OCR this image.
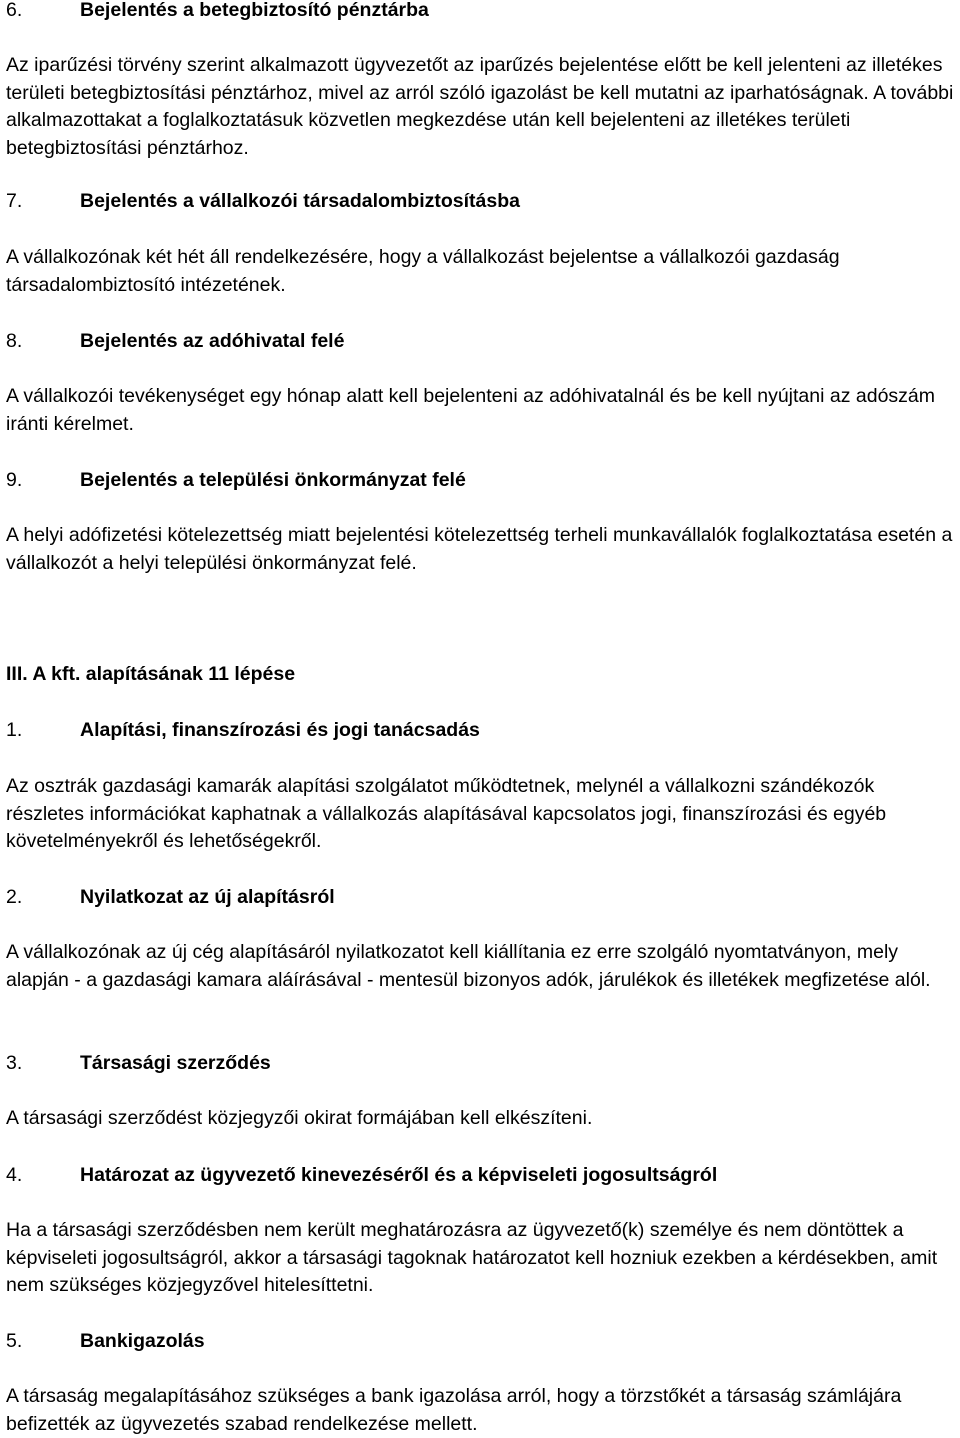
6.	Bejelentés a betegbiztosító pénztárba

Az iparűzési törvény szerint alkalmazott ügyvezetőt az iparűzés bejelentése előtt be kell jelenteni az illetékes területi betegbiztosítási pénztárhoz, mivel az arról szóló igazolást be kell mutatni az iparhatóságnak. A további alkalmazottakat a foglalkoztatásuk közvetlen megkezdése után kell bejelenteni az illetékes területi betegbiztosítási pénztárhoz.

7.	Bejelentés a vállalkozói társadalombiztosításba

A vállalkozónak két hét áll rendelkezésére, hogy a vállalkozást bejelentse a vállalkozói gazdaság társadalombiztosító intézetének.

8.	Bejelentés az adóhivatal felé

A vállalkozói tevékenységet egy hónap alatt kell bejelenteni az adóhivatalnál és be kell nyújtani az adószám iránti kérelmet.

9.	Bejelentés a települési önkormányzat felé

A helyi adófizetési kötelezettség miatt bejelentési kötelezettség terheli munkavállalók foglalkoztatása esetén a vállalkozót a helyi települési önkormányzat felé.

III. A kft. alapításának 11 lépése
1.	Alapítási, finanszírozási és jogi tanácsadás

Az osztrák gazdasági kamarák alapítási szolgálatot működtetnek, melynél a vállalkozni szándékozók részletes információkat kaphatnak a vállalkozás alapításával kapcsolatos jogi, finanszírozási és egyéb követelményekről és lehetőségekről.

2.	Nyilatkozat az új alapításról

A vállalkozónak az új cég alapításáról nyilatkozatot kell kiállítania ez erre szolgáló nyomtatványon, mely alapján - a gazdasági kamara aláírásával - mentesül bizonyos adók, járulékok és illetékek megfizetése alól.

3.	Társasági szerződés

A társasági szerződést közjegyzői okirat formájában kell elkészíteni.

4.	Határozat az ügyvezető kinevezéséről és a képviseleti jogosultságról

Ha a társasági szerződésben nem került meghatározásra az ügyvezető(k) személye és nem döntöttek a képviseleti jogosultságról, akkor a társasági tagoknak határozatot kell hozniuk ezekben a kérdésekben, amit nem szükséges közjegyzővel hitelesíttetni.

5.	Bankigazolás

A társaság megalapításához szükséges a bank igazolása arról, hogy a törzstőkét a társaság számlájára befizették az ügyvezetés szabad rendelkezése mellett.
